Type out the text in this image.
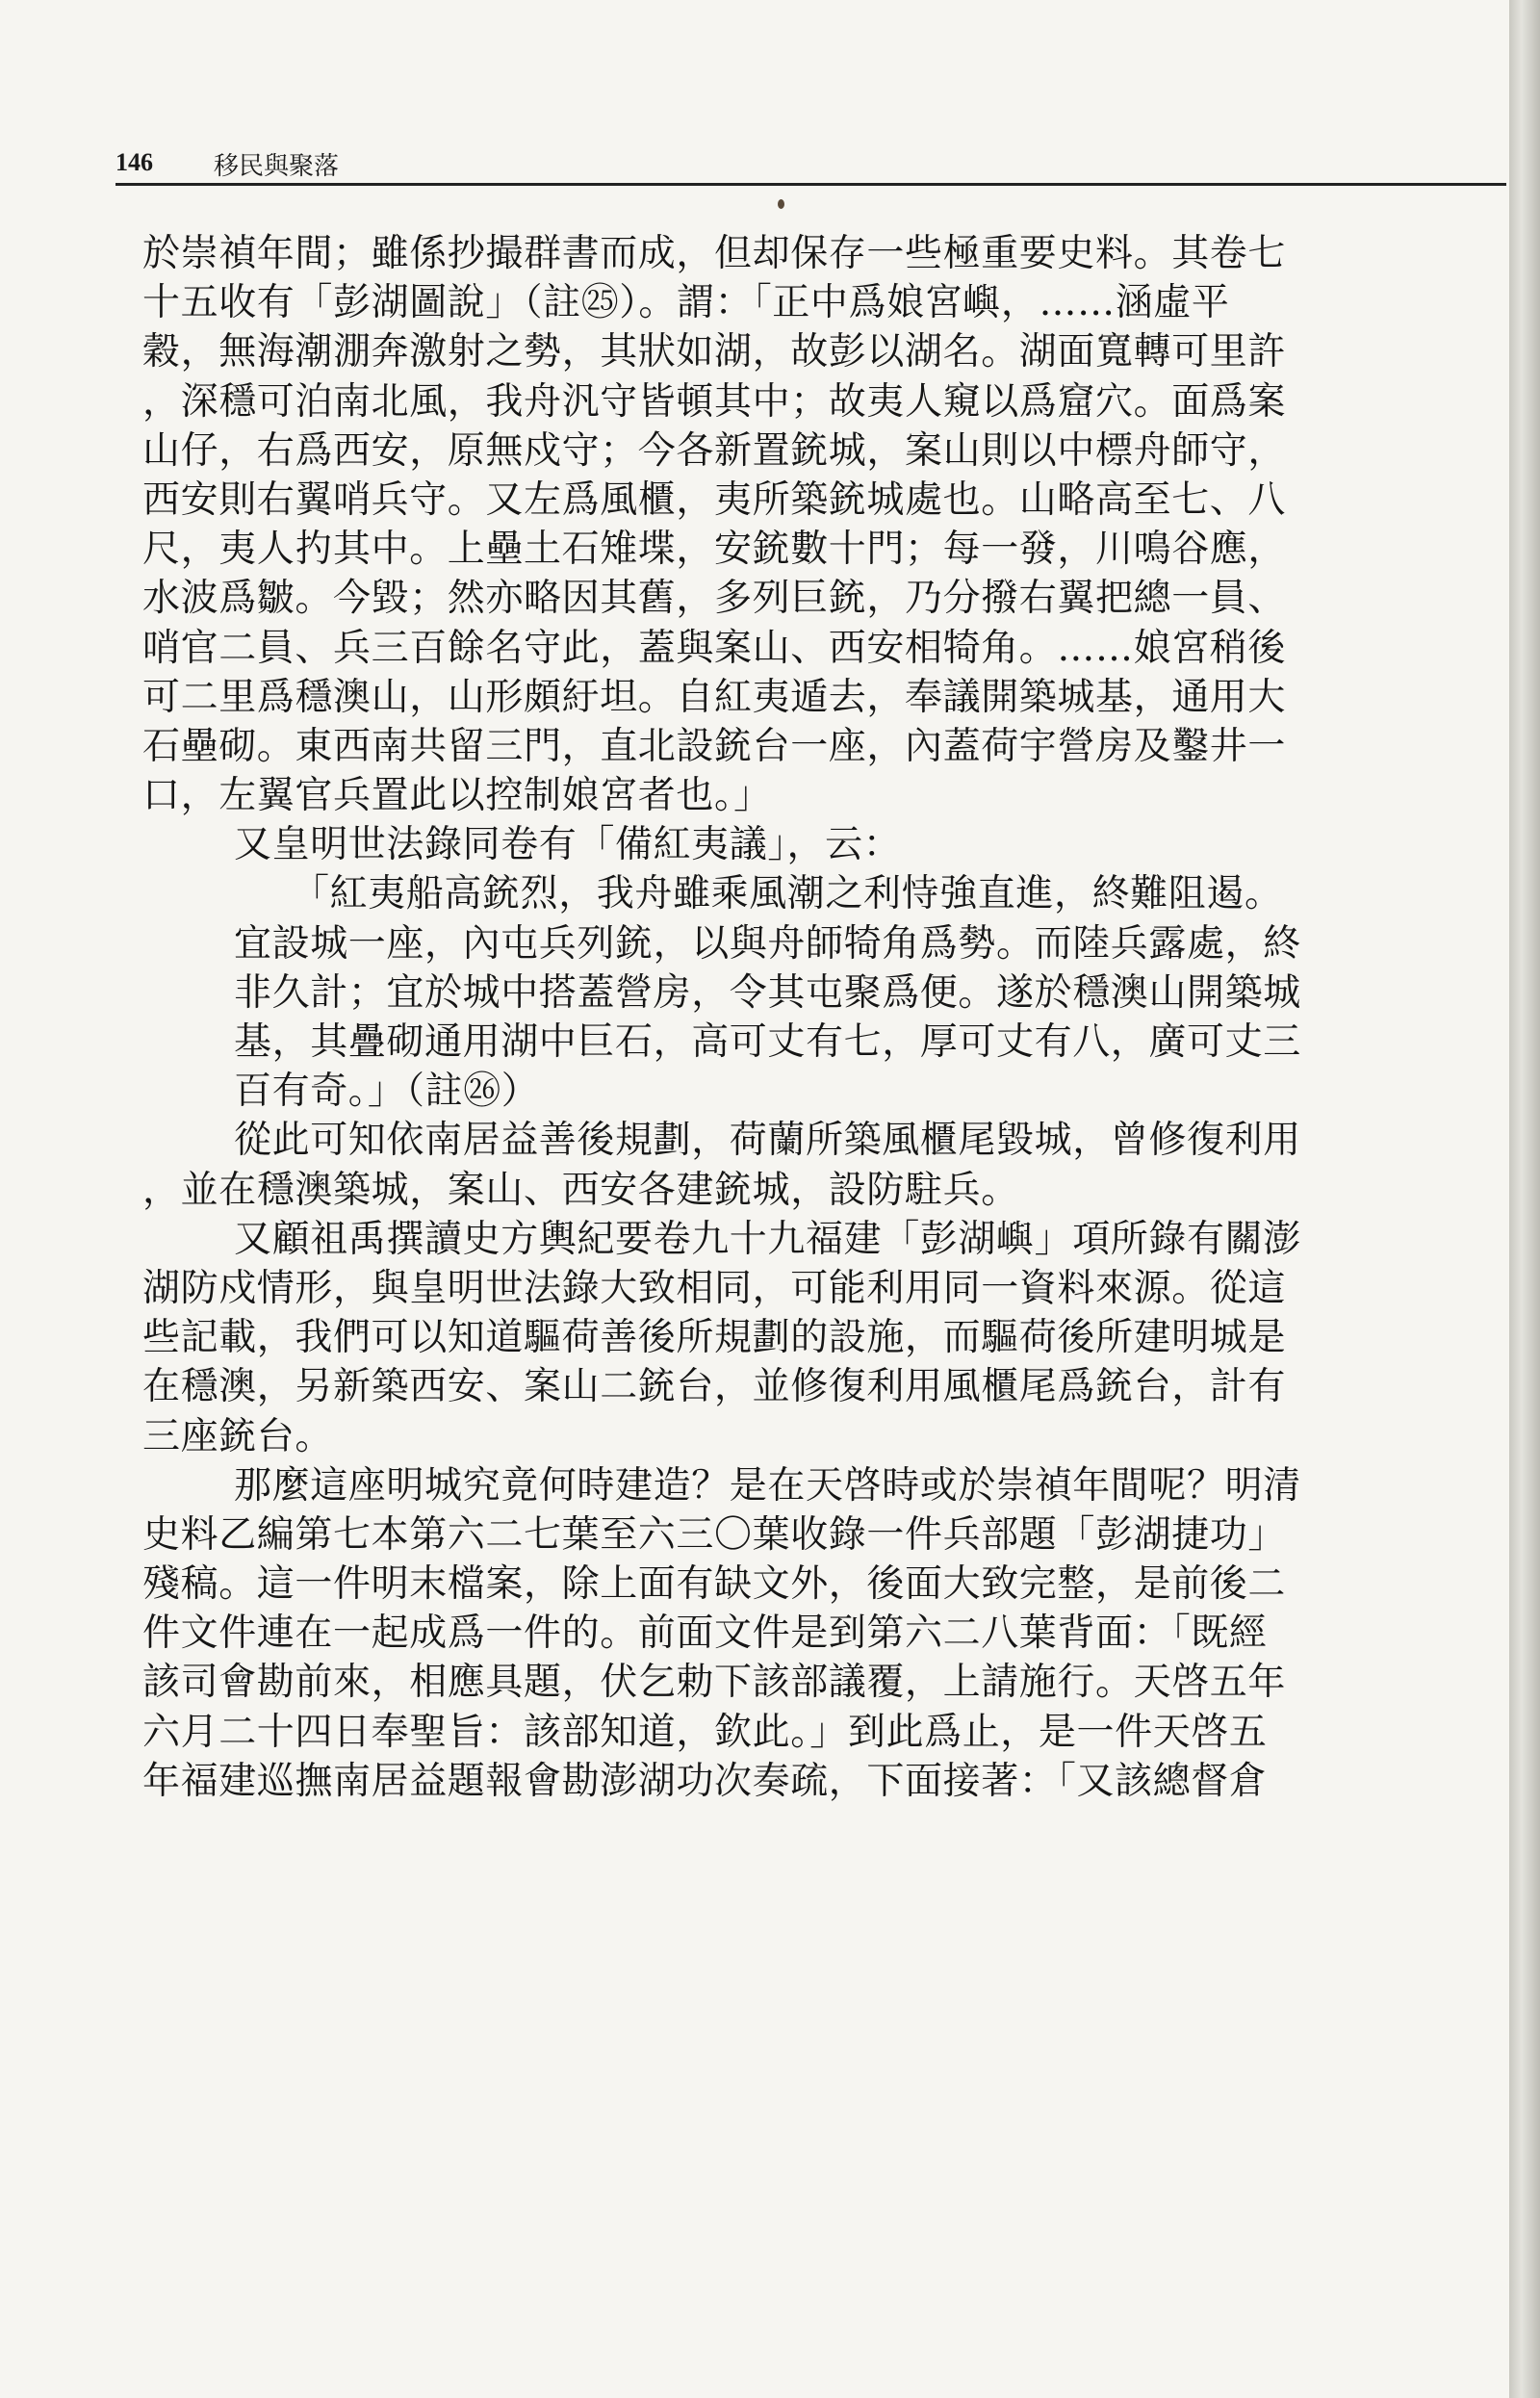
146 移民與聚落
於崇禎年間；雖係抄撮群書而成，但却保存一些極重要史料。其卷七
十五收有「彭湖圖說」（註㉕）。謂：「正中爲娘宮嶼，……涵虛平
穀，無海潮淜奔激射之勢，其狀如湖，故彭以湖名。湖面寬轉可里許
，深穩可泊南北風，我舟汎守皆頓其中；故夷人窺以爲窟穴。面爲案
山仔，右爲西安，原無戍守；今各新置銃城，案山則以中標舟師守，
西安則右翼哨兵守。又左爲風櫃，夷所築銃城處也。山略高至七、八
尺，夷人扚其中。上壘土石雉堞，安銃數十門；每一發，川鳴谷應，
水波爲皺。今毀；然亦略因其舊，多列巨銃，乃分撥右翼把總一員、
哨官二員、兵三百餘名守此，蓋與案山、西安相犄角。……娘宮稍後
可二里爲穩澳山，山形頗紆坦。自紅夷遁去，奉議開築城基，通用大
石壘砌。東西南共留三門，直北設銃台一座，內蓋荷宇營房及鑿井一
口，左翼官兵置此以控制娘宮者也。」
又皇明世法錄同卷有「備紅夷議」，云：
「紅夷船高銃烈，我舟雖乘風潮之利恃強直進，終難阻遏。
宜設城一座，內屯兵列銃，以與舟師犄角爲勢。而陸兵露處，終
非久計；宜於城中搭蓋營房，令其屯聚爲便。遂於穩澳山開築城
基，其疊砌通用湖中巨石，高可丈有七，厚可丈有八，廣可丈三
百有奇。」（註㉖）
從此可知依南居益善後規劃，荷蘭所築風櫃尾毀城，曾修復利用
，並在穩澳築城，案山、西安各建銃城，設防駐兵。
又顧祖禹撰讀史方輿紀要卷九十九福建「彭湖嶼」項所錄有關澎
湖防戍情形，與皇明世法錄大致相同，可能利用同一資料來源。從這
些記載，我們可以知道驅荷善後所規劃的設施，而驅荷後所建明城是
在穩澳，另新築西安、案山二銃台，並修復利用風櫃尾爲銃台，計有
三座銃台。
那麼這座明城究竟何時建造？是在天啓時或於崇禎年間呢？明清
史料乙編第七本第六二七葉至六三〇葉收錄一件兵部題「彭湖捷功」
殘稿。這一件明末檔案，除上面有缺文外，後面大致完整，是前後二
件文件連在一起成爲一件的。前面文件是到第六二八葉背面：「既經
該司會勘前來，相應具題，伏乞勅下該部議覆，上請施行。天啓五年
六月二十四日奉聖旨：該部知道，欽此。」到此爲止，是一件天啓五
年福建巡撫南居益題報會勘澎湖功次奏疏，下面接著：「又該總督倉
